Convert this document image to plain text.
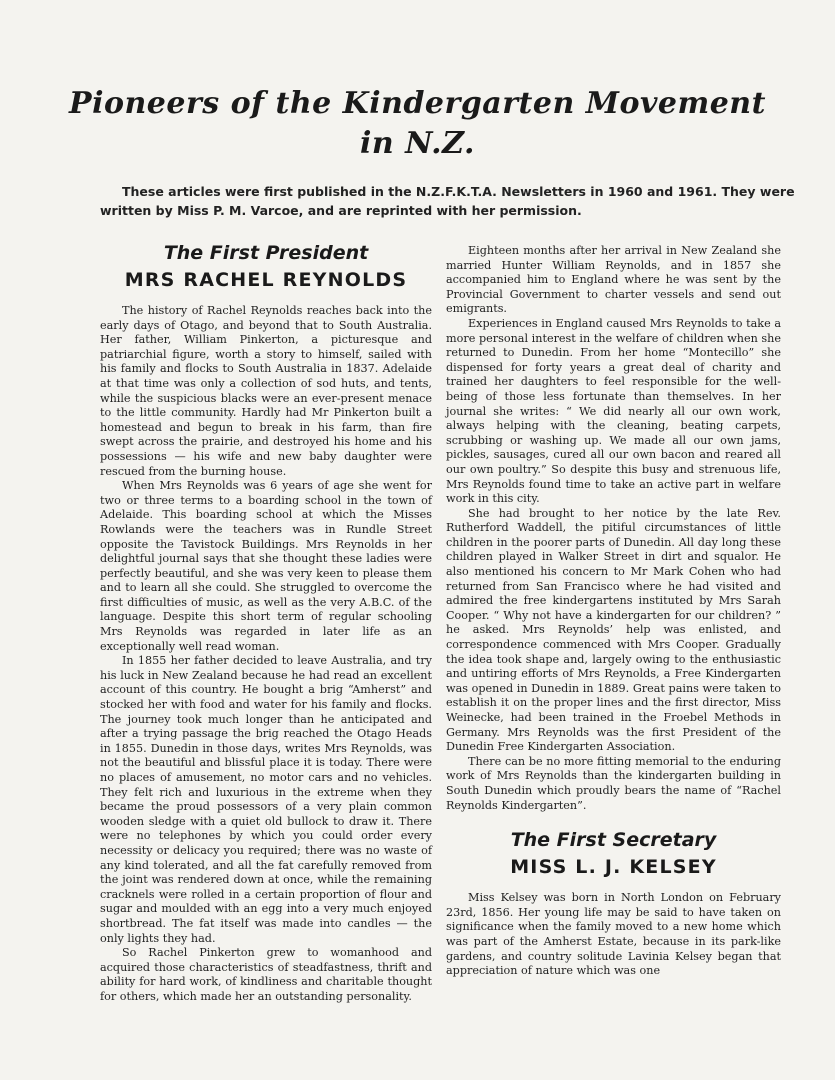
Pioneers of the Kindergarten Movement
in N.Z.
These articles were first published in the N.Z.F.K.T.A. Newsletters in 1960 and 1961. They were written by Miss P. M. Varcoe, and are reprinted with her permission.
The First President
MRS RACHEL REYNOLDS

The history of Rachel Reynolds reaches back into the early days of Otago, and beyond that to South Australia. Her father, William Pinkerton, a picturesque and patriarchial figure, worth a story to himself, sailed with his family and flocks to South Australia in 1837. Adelaide at that time was only a collection of sod huts, and tents, while the suspicious blacks were an ever-present menace to the little community. Hardly had Mr Pinkerton built a homestead and begun to break in his farm, than fire swept across the prairie, and destroyed his home and his possessions — his wife and new baby daughter were rescued from the burning house.

When Mrs Reynolds was 6 years of age she went for two or three terms to a boarding school in the town of Adelaide. This boarding school at which the Misses Rowlands were the teachers was in Rundle Street opposite the Tavistock Buildings. Mrs Reynolds in her delightful journal says that she thought these ladies were perfectly beautiful, and she was very keen to please them and to learn all she could. She struggled to overcome the first difficulties of music, as well as the very A.B.C. of the language. Despite this short term of regular schooling Mrs Reynolds was regarded in later life as an exceptionally well read woman.

In 1855 her father decided to leave Australia, and try his luck in New Zealand because he had read an excellent account of this country. He bought a brig “Amherst” and stocked her with food and water for his family and flocks. The journey took much longer than he anticipated and after a trying passage the brig reached the Otago Heads in 1855. Dunedin in those days, writes Mrs Reynolds, was not the beautiful and blissful place it is today. There were no places of amusement, no motor cars and no vehicles. They felt rich and luxurious in the extreme when they became the proud possessors of a very plain common wooden sledge with a quiet old bullock to draw it. There were no telephones by which you could order every necessity or delicacy you required; there was no waste of any kind tolerated, and all the fat carefully removed from the joint was rendered down at once, while the remaining cracknels were rolled in a certain proportion of flour and sugar and moulded with an egg into a very much enjoyed shortbread. The fat itself was made into candles — the only lights they had.

So Rachel Pinkerton grew to womanhood and acquired those characteristics of steadfastness, thrift and ability for hard work, of kindliness and charitable thought for others, which made her an outstanding personality.

Eighteen months after her arrival in New Zealand she married Hunter William Reynolds, and in 1857 she accompanied him to England where he was sent by the Provincial Government to charter vessels and send out emigrants.

Experiences in England caused Mrs Reynolds to take a more personal interest in the welfare of children when she returned to Dunedin. From her home “Montecillo” she dispensed for forty years a great deal of charity and trained her daughters to feel responsible for the well-being of those less fortunate than themselves. In her journal she writes: “ We did nearly all our own work, always helping with the cleaning, beating carpets, scrubbing or washing up. We made all our own jams, pickles, sausages, cured all our own bacon and reared all our own poultry.” So despite this busy and strenuous life, Mrs Reynolds found time to take an active part in welfare work in this city.

She had brought to her notice by the late Rev. Rutherford Waddell, the pitiful circumstances of little children in the poorer parts of Dunedin. All day long these children played in Walker Street in dirt and squalor. He also mentioned his concern to Mr Mark Cohen who had returned from San Francisco where he had visited and admired the free kindergartens instituted by Mrs Sarah Cooper. “ Why not have a kindergarten for our children? ” he asked. Mrs Reynolds’ help was enlisted, and correspondence commenced with Mrs Cooper. Gradually the idea took shape and, largely owing to the enthusiastic and untiring efforts of Mrs Reynolds, a Free Kindergarten was opened in Dunedin in 1889. Great pains were taken to establish it on the proper lines and the first director, Miss Weinecke, had been trained in the Froebel Methods in Germany. Mrs Reynolds was the first President of the Dunedin Free Kindergarten Association.

There can be no more fitting memorial to the enduring work of Mrs Reynolds than the kindergarten building in South Dunedin which proudly bears the name of “Rachel Reynolds Kindergarten”.

The First Secretary
MISS L. J. KELSEY

Miss Kelsey was born in North London on February 23rd, 1856. Her young life may be said to have taken on significance when the family moved to a new home which was part of the Amherst Estate, because in its park-like gardens, and country solitude Lavinia Kelsey began that appreciation of nature which was one
